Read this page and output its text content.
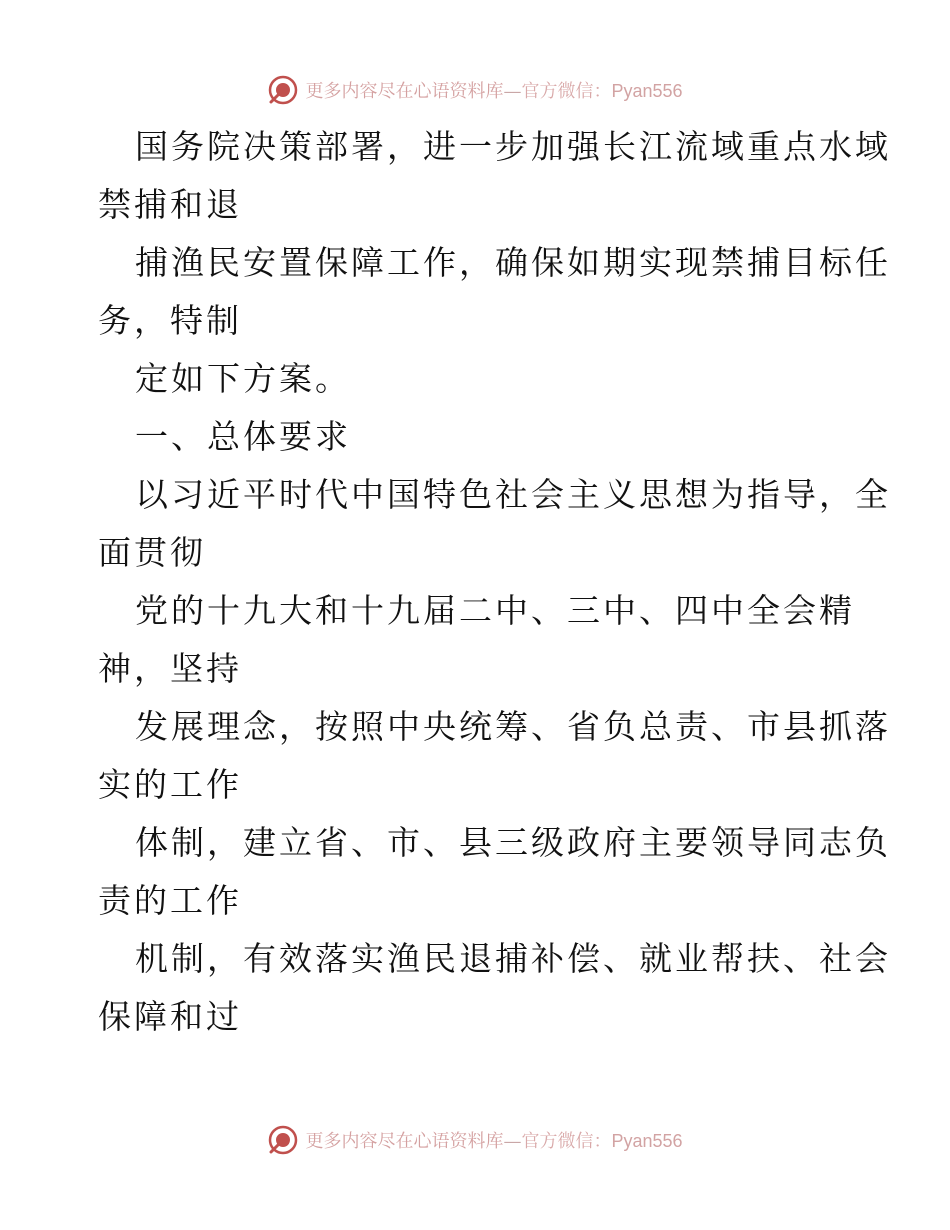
更多内容尽在心语资料库—官方微信：Pyan556
国务院决策部署，进一步加强长江流域重点水域
禁捕和退
捕渔民安置保障工作，确保如期实现禁捕目标任
务，特制
定如下方案。
一、总体要求
以习近平时代中国特色社会主义思想为指导，全
面贯彻
党的十九大和十九届二中、三中、四中全会精
神，坚持
发展理念，按照中央统筹、省负总责、市县抓落
实的工作
体制，建立省、市、县三级政府主要领导同志负
责的工作
机制，有效落实渔民退捕补偿、就业帮扶、社会
保障和过
更多内容尽在心语资料库—官方微信：Pyan556
